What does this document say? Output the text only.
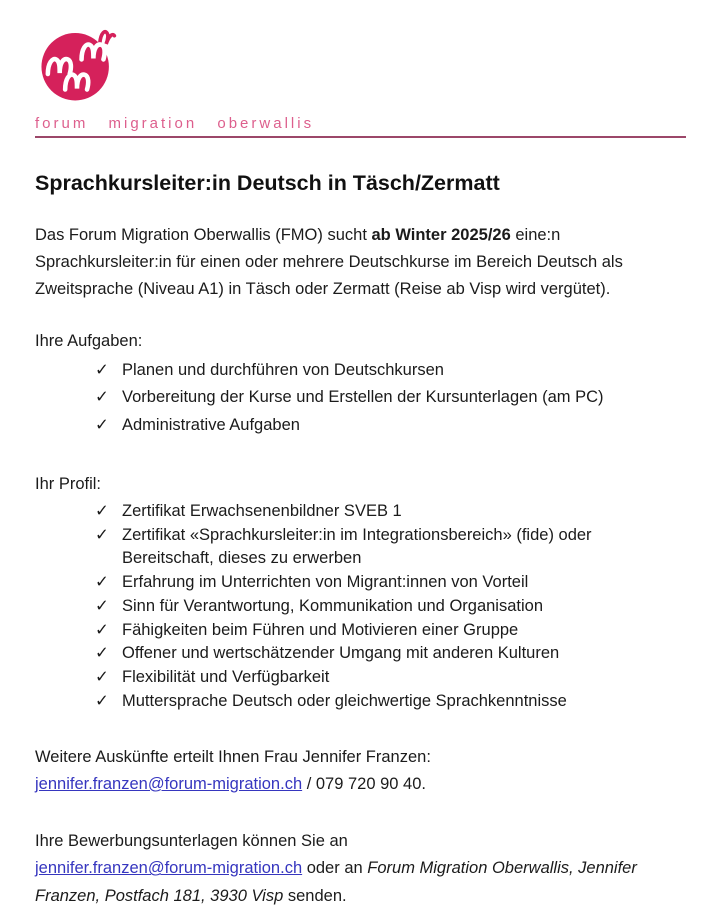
forum migration oberwallis
Sprachkursleiter:in Deutsch in Täsch/Zermatt

Das Forum Migration Oberwallis (FMO) sucht ab Winter 2025/26 eine:n Sprachkursleiter:in für einen oder mehrere Deutschkurse im Bereich Deutsch als Zweitsprache (Niveau A1) in Täsch oder Zermatt (Reise ab Visp wird vergütet).

Ihre Aufgaben:

✓ Planen und durchführen von Deutschkursen
✓ Vorbereitung der Kurse und Erstellen der Kursunterlagen (am PC)
✓ Administrative Aufgaben

Ihr Profil:

✓ Zertifikat Erwachsenenbildner SVEB 1
✓ Zertifikat «Sprachkursleiter:in im Integrationsbereich» (fide) oder Bereitschaft, dieses zu erwerben
✓ Erfahrung im Unterrichten von Migrant:innen von Vorteil
✓ Sinn für Verantwortung, Kommunikation und Organisation
✓ Fähigkeiten beim Führen und Motivieren einer Gruppe
✓ Offener und wertschätzender Umgang mit anderen Kulturen
✓ Flexibilität und Verfügbarkeit
✓ Muttersprache Deutsch oder gleichwertige Sprachkenntnisse

Weitere Auskünfte erteilt Ihnen Frau Jennifer Franzen:
jennifer.franzen@forum-migration.ch / 079 720 90 40.

Ihre Bewerbungsunterlagen können Sie an
jennifer.franzen@forum-migration.ch oder an Forum Migration Oberwallis, Jennifer Franzen, Postfach 181, 3930 Visp senden.
